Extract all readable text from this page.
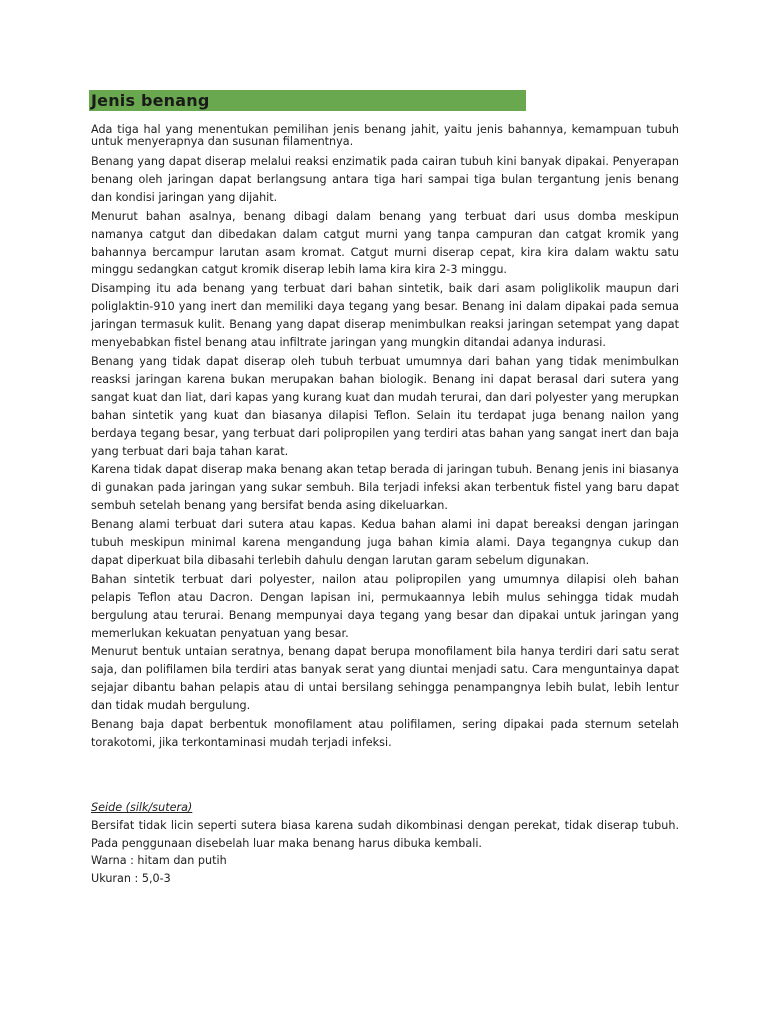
Jenis benang

Ada tiga hal yang menentukan pemilihan jenis benang jahit, yaitu jenis bahannya, kemampuan tubuh untuk menyerapnya dan susunan filamentnya.

Benang yang dapat diserap melalui reaksi enzimatik pada cairan tubuh kini banyak dipakai. Penyerapan benang oleh jaringan dapat berlangsung antara tiga hari sampai tiga bulan tergantung jenis benang dan kondisi jaringan yang dijahit.

Menurut bahan asalnya, benang dibagi dalam benang yang terbuat dari usus domba meskipun namanya catgut dan dibedakan dalam catgut murni yang tanpa campuran dan catgat kromik yang bahannya bercampur larutan asam kromat. Catgut murni diserap cepat, kira kira dalam waktu satu minggu sedangkan catgut kromik diserap lebih lama kira kira 2-3 minggu.

Disamping itu ada benang yang terbuat dari bahan sintetik, baik dari asam poliglikolik maupun dari poliglaktin-910 yang inert dan memiliki daya tegang yang besar. Benang ini dalam dipakai pada semua jaringan termasuk kulit. Benang yang dapat diserap menimbulkan reaksi jaringan setempat yang dapat menyebabkan fistel benang atau infiltrate jaringan yang mungkin ditandai adanya indurasi.

Benang yang tidak dapat diserap oleh tubuh terbuat umumnya dari bahan yang tidak menimbulkan reasksi jaringan karena bukan merupakan bahan biologik. Benang ini dapat berasal dari sutera yang sangat kuat dan liat, dari kapas yang kurang kuat dan mudah terurai, dan dari polyester yang merupkan bahan sintetik yang kuat dan biasanya dilapisi Teflon. Selain itu terdapat juga benang nailon yang berdaya tegang besar, yang terbuat dari polipropilen yang terdiri atas bahan yang sangat inert dan baja yang terbuat dari baja tahan karat.

Karena tidak dapat diserap maka benang akan tetap berada di jaringan tubuh. Benang jenis ini biasanya di gunakan pada jaringan yang sukar sembuh. Bila terjadi infeksi akan terbentuk fistel yang baru dapat sembuh setelah benang yang bersifat benda asing dikeluarkan.

Benang alami terbuat dari sutera atau kapas. Kedua bahan alami ini dapat bereaksi dengan jaringan tubuh meskipun minimal karena mengandung juga bahan kimia alami. Daya tegangnya cukup dan dapat diperkuat bila dibasahi terlebih dahulu dengan larutan garam sebelum digunakan.

Bahan sintetik terbuat dari polyester, nailon atau polipropilen yang umumnya dilapisi oleh bahan pelapis Teflon atau Dacron. Dengan lapisan ini, permukaannya lebih mulus sehingga tidak mudah bergulung atau terurai. Benang mempunyai daya tegang yang besar dan dipakai untuk jaringan yang memerlukan kekuatan penyatuan yang besar.

Menurut bentuk untaian seratnya, benang dapat berupa monofilament bila hanya terdiri dari satu serat saja, dan polifilamen bila terdiri atas banyak serat yang diuntai menjadi satu. Cara menguntainya dapat sejajar dibantu bahan pelapis atau di untai bersilang sehingga penampangnya lebih bulat, lebih lentur dan tidak mudah bergulung.

Benang baja dapat berbentuk monofilament atau polifilamen, sering dipakai pada sternum setelah torakotomi, jika terkontaminasi mudah terjadi infeksi.

Seide (silk/sutera)

Bersifat tidak licin seperti sutera biasa karena sudah dikombinasi dengan perekat, tidak diserap tubuh. Pada penggunaan disebelah luar maka benang harus dibuka kembali.

Warna : hitam dan putih

Ukuran : 5,0-3
